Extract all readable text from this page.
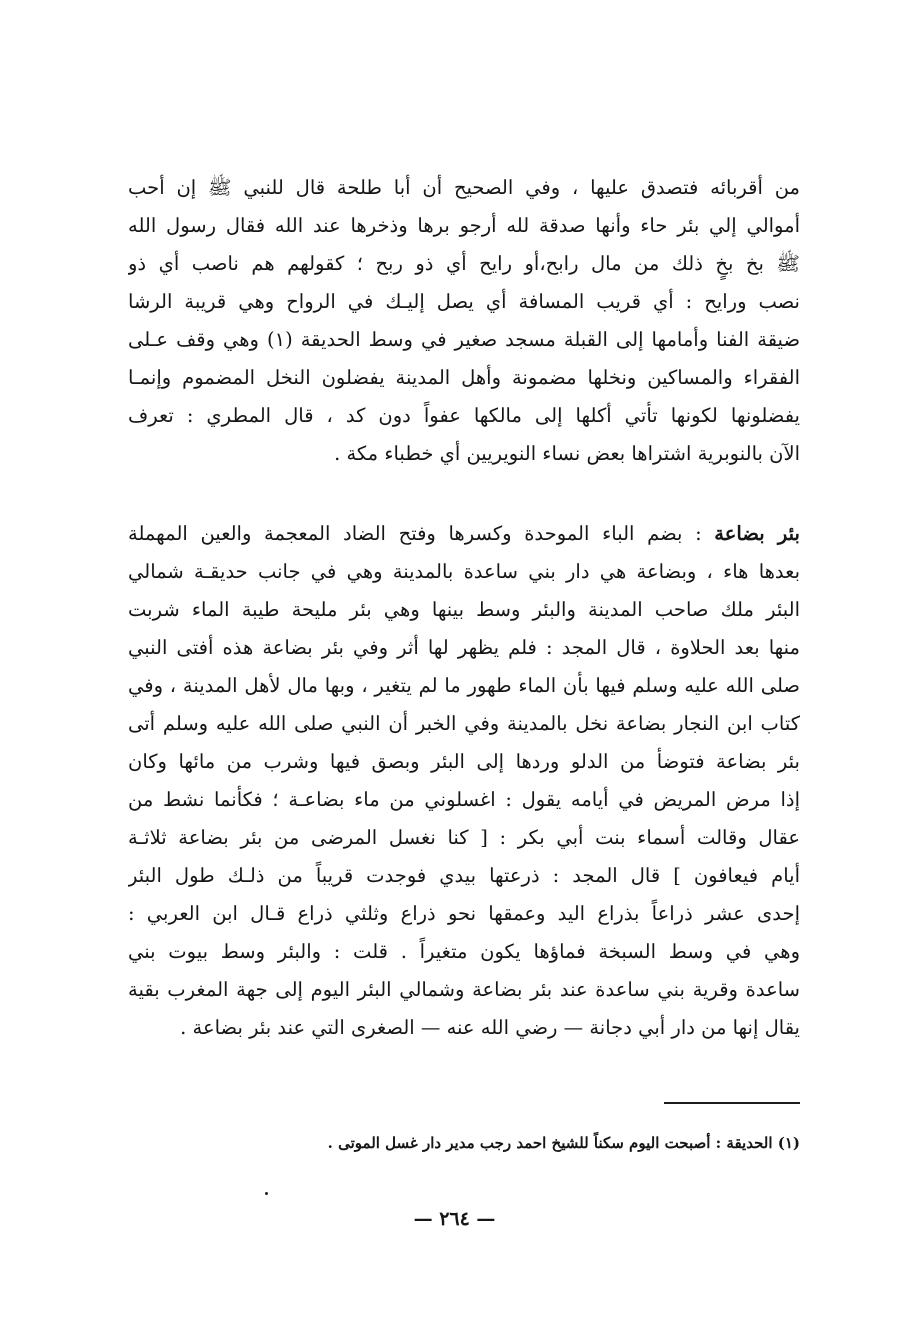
من أقربائه فتصدق عليها ، وفي الصحيح أن أبا طلحة قال للنبي ﷺ إن أحب
أموالي إلي بئر حاء وأنها صدقة لله أرجو برها وذخرها عند الله فقال رسول الله
ﷺ بخ بخٍ ذلك من مال رابح،أو رايح أي ذو ربح ؛ كقولهم هم ناصب أي ذو
نصب ورايح : أي قريب المسافة أي يصل إليـك في الرواح وهي قريبة الرشا
ضيقة الفنا وأمامها إلى القبلة مسجد صغير في وسط الحديقة (١) وهي وقف عـلى
الفقراء والمساكين ونخلها مضمونة وأهل المدينة يفضلون النخل المضموم وإنمـا
يفضلونها لكونها تأتي أكلها إلى مالكها عفواً دون كد ، قال المطري : تعرف
الآن بالنوبرية اشتراها بعض نساء النويريين أي خطباء مكة .
بئر بضاعة : بضم الباء الموحدة وكسرها وفتح الضاد المعجمة والعين المهملة
بعدها هاء ، وبضاعة هي دار بني ساعدة بالمدينة وهي في جانب حديقـة شمالي
البئر ملك صاحب المدينة والبئر وسط بينها وهي بئر مليحة طيبة الماء شربت
منها بعد الحلاوة ، قال المجد : فلم يظهر لها أثر وفي بئر بضاعة هذه أفتى النبي
صلى الله عليه وسلم فيها بأن الماء طهور ما لم يتغير ، وبها مال لأهل المدينة ، وفي
كتاب ابن النجار بضاعة نخل بالمدينة وفي الخبر أن النبي صلى الله عليه وسلم أتى
بئر بضاعة فتوضأ من الدلو وردها إلى البئر وبصق فيها وشرب من مائها وكان
إذا مرض المريض في أيامه يقول : اغسلوني من ماء بضاعـة ؛ فكأنما نشط من
عقال وقالت أسماء بنت أبي بكر : [ كنا نغسل المرضى من بئر بضاعة ثلاثـة
أيام فيعافون ] قال المجد : ذرعتها بيدي فوجدت قريباً من ذلـك طول البئر
إحدى عشر ذراعاً بذراع اليد وعمقها نحو ذراع وثلثي ذراع قـال ابن العربي :
وهي في وسط السبخة فماؤها يكون متغيراً . قلت : والبئر وسط بيوت بني
ساعدة وقرية بني ساعدة عند بئر بضاعة وشمالي البئر اليوم إلى جهة المغرب بقية
يقال إنها من دار أبي دجانة — رضي الله عنه — الصغرى التي عند بئر بضاعة .
(١) الحديقة : أصبحت اليوم سكناً للشيخ احمد رجب مدير دار غسل الموتى .
— ٢٦٤ —
